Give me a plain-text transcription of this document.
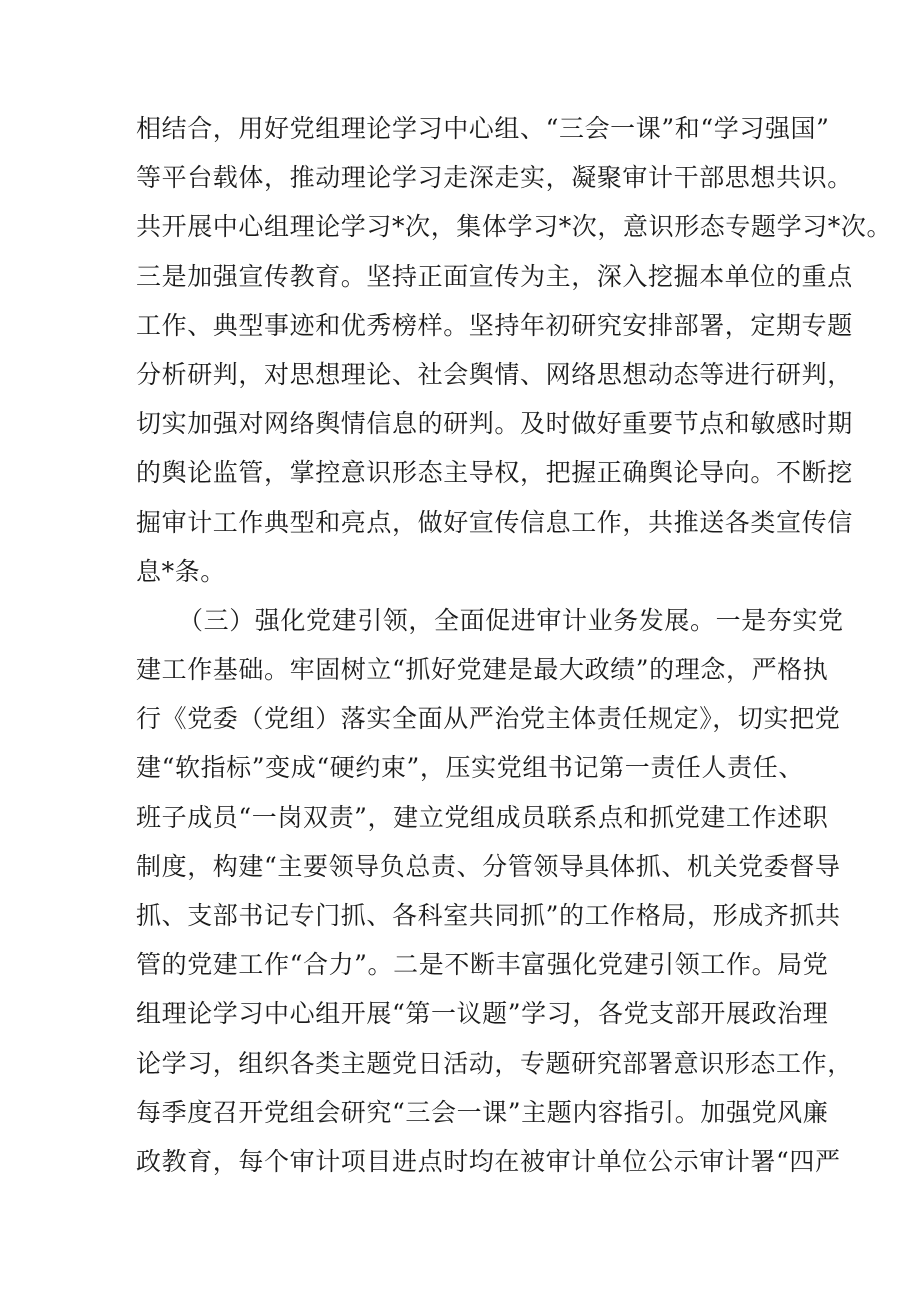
相结合，用好党组理论学习中心组、“三会一课”和“学习强国”
等平台载体，推动理论学习走深走实，凝聚审计干部思想共识。
共开展中心组理论学习*次，集体学习*次，意识形态专题学习*次。
三是加强宣传教育。坚持正面宣传为主，深入挖掘本单位的重点
工作、典型事迹和优秀榜样。坚持年初研究安排部署，定期专题
分析研判，对思想理论、社会舆情、网络思想动态等进行研判，
切实加强对网络舆情信息的研判。及时做好重要节点和敏感时期
的舆论监管，掌控意识形态主导权，把握正确舆论导向。不断挖
掘审计工作典型和亮点，做好宣传信息工作，共推送各类宣传信
息*条。
（三）强化党建引领，全面促进审计业务发展。一是夯实党
建工作基础。牢固树立“抓好党建是最大政绩”的理念，严格执
行《党委（党组）落实全面从严治党主体责任规定》，切实把党
建“软指标”变成“硬约束”，压实党组书记第一责任人责任、
班子成员“一岗双责”，建立党组成员联系点和抓党建工作述职
制度，构建“主要领导负总责、分管领导具体抓、机关党委督导
抓、支部书记专门抓、各科室共同抓”的工作格局，形成齐抓共
管的党建工作“合力”。二是不断丰富强化党建引领工作。局党
组理论学习中心组开展“第一议题”学习，各党支部开展政治理
论学习，组织各类主题党日活动，专题研究部署意识形态工作，
每季度召开党组会研究“三会一课”主题内容指引。加强党风廉
政教育，每个审计项目进点时均在被审计单位公示审计署“四严
